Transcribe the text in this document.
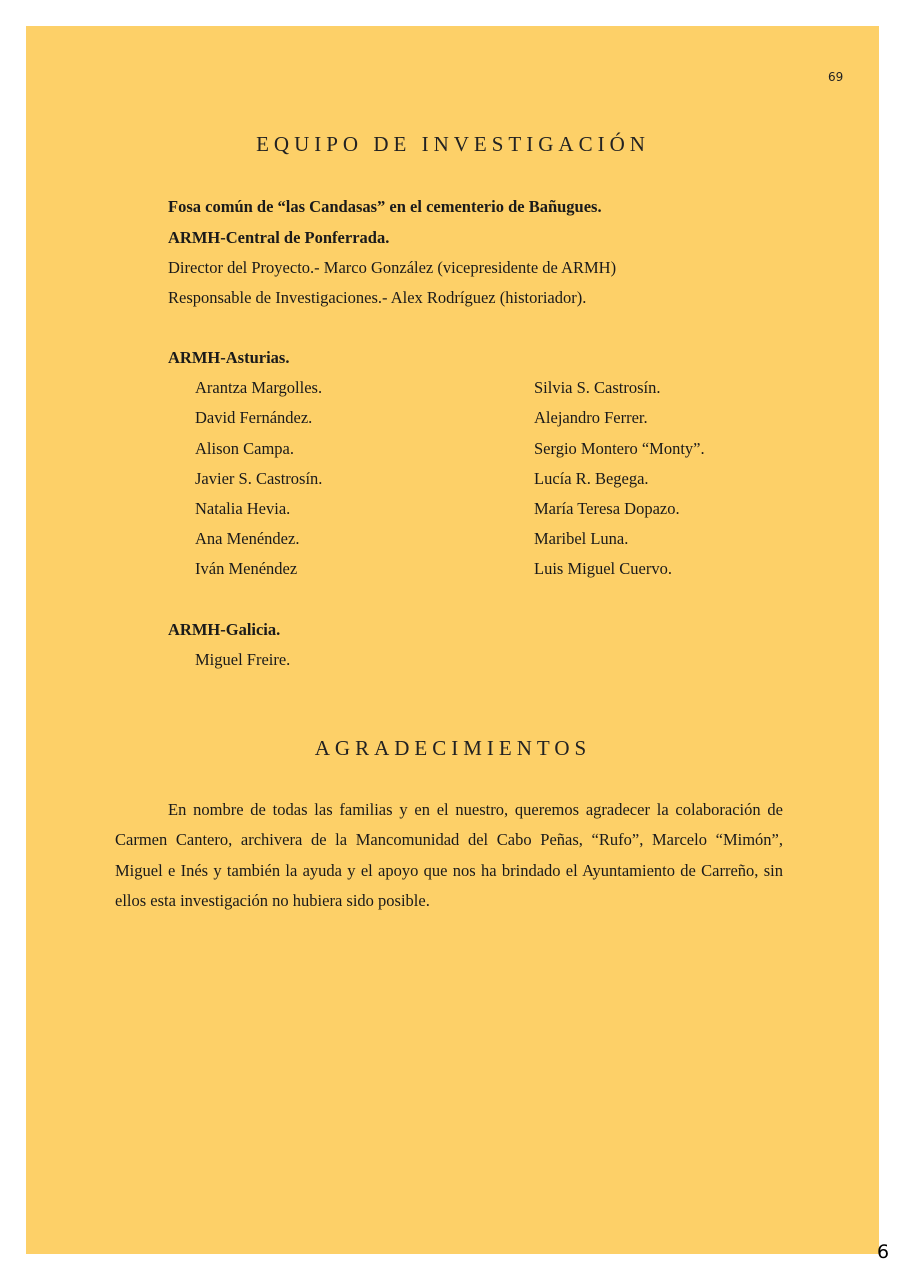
69
EQUIPO DE INVESTIGACIÓN
Fosa común de “las Candasas” en el cementerio de Bañugues.
ARMH-Central de Ponferrada.
Director del Proyecto.- Marco González (vicepresidente de ARMH)
Responsable de Investigaciones.- Alex Rodríguez (historiador).
ARMH-Asturias.
Arantza Margolles.
David Fernández.
Alison Campa.
Javier S. Castrosín.
Natalia Hevia.
Ana Menéndez.
Iván Menéndez
Silvia S. Castrosín.
Alejandro Ferrer.
Sergio Montero “Monty”.
Lucía R. Begega.
María Teresa Dopazo.
Maribel Luna.
Luis Miguel Cuervo.
ARMH-Galicia.
Miguel Freire.
AGRADECIMIENTOS
En nombre de todas las familias y en el nuestro, queremos agradecer la colaboración de Carmen Cantero, archivera de la Mancomunidad del Cabo Peñas, “Rufo”, Marcelo “Mimón”, Miguel e Inés y también la ayuda y el apoyo que nos ha brindado el Ayuntamiento de Carreño, sin ellos esta investigación no hubiera sido posible.
6
